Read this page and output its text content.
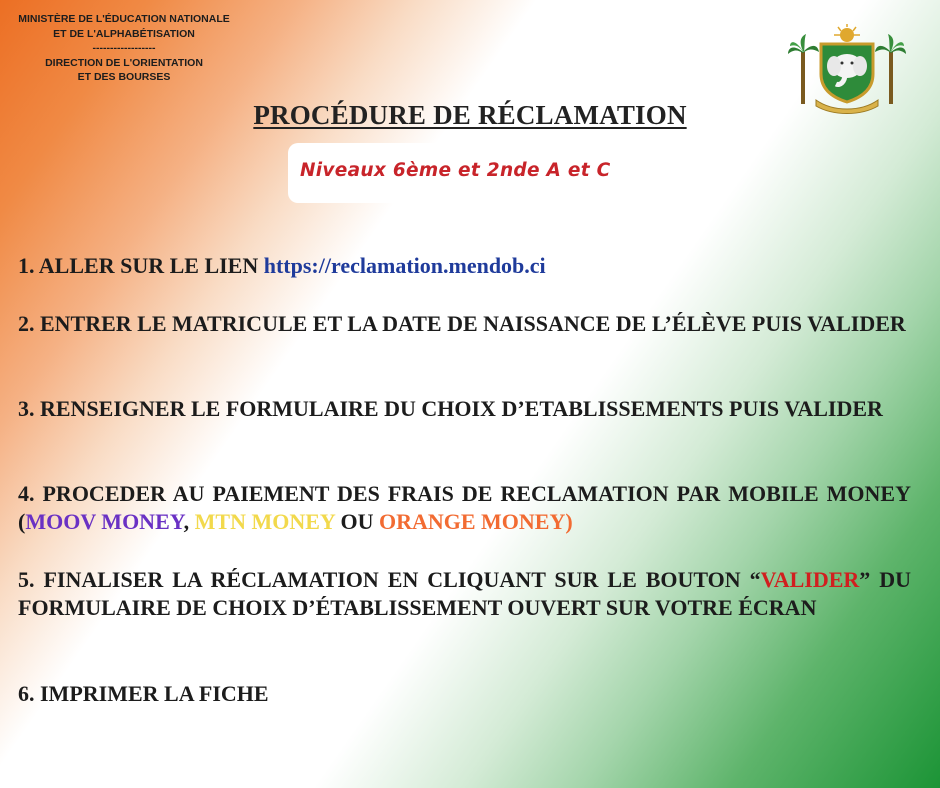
MINISTÈRE DE L'ÉDUCATION NATIONALE
ET DE L'ALPHABÉTISATION
------------------
DIRECTION DE L'ORIENTATION
ET DES BOURSES
PROCÉDURE DE RÉCLAMATION
Niveaux 6ème et 2nde A et C
1. ALLER SUR LE LIEN https://reclamation.mendob.ci
2. ENTRER LE MATRICULE ET LA DATE DE NAISSANCE DE L’ÉLÈVE PUIS VALIDER
3. RENSEIGNER LE FORMULAIRE DU CHOIX D’ETABLISSEMENTS PUIS VALIDER
4. PROCEDER AU PAIEMENT DES FRAIS DE RECLAMATION PAR MOBILE MONEY (MOOV MONEY, MTN MONEY OU ORANGE MONEY)
5. FINALISER LA RÉCLAMATION EN CLIQUANT SUR LE BOUTON “VALIDER” DU FORMULAIRE DE CHOIX D’ÉTABLISSEMENT OUVERT SUR VOTRE ÉCRAN
6. IMPRIMER LA FICHE
